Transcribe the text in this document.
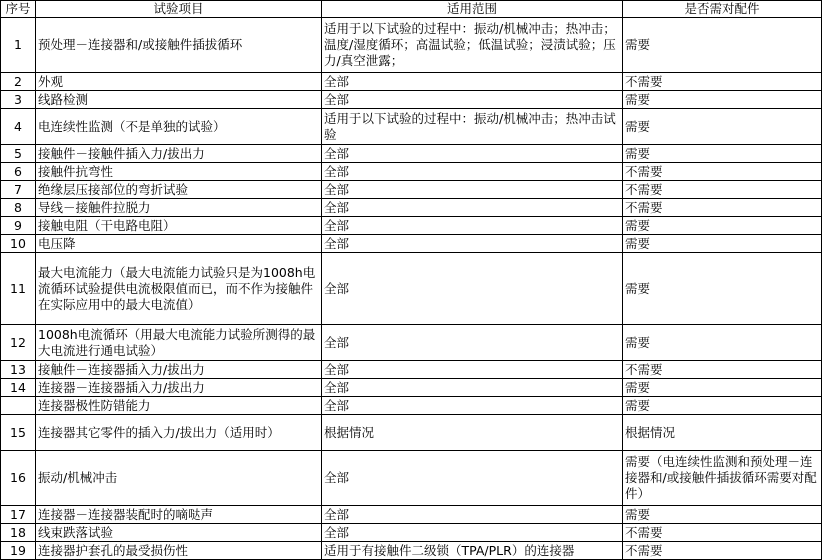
序号	试验项目	适用范围	是否需对配件
1	预处理－连接器和/或接触件插拔循环	适用于以下试验的过程中：振动/机械冲击；热冲击；温度/湿度循环；高温试验；低温试验；浸渍试验；压力/真空泄露；	需要
2	外观	全部	不需要
3	线路检测	全部	需要
4	电连续性监测（不是单独的试验）	适用于以下试验的过程中：振动/机械冲击；热冲击试验	需要
5	接触件－接触件插入力/拔出力	全部	需要
6	接触件抗弯性	全部	不需要
7	绝缘层压接部位的弯折试验	全部	不需要
8	导线－接触件拉脱力	全部	不需要
9	接触电阻（干电路电阻）	全部	需要
10	电压降	全部	需要
11	最大电流能力（最大电流能力试验只是为1008h电流循环试验提供电流极限值而已，而不作为接触件在实际应用中的最大电流值）	全部	需要
12	1008h电流循环（用最大电流能力试验所测得的最大电流进行通电试验）	全部	需要
13	接触件－连接器插入力/拔出力	全部	不需要
14	连接器－连接器插入力/拔出力	全部	需要
	连接器极性防错能力	全部	需要
15	连接器其它零件的插入力/拔出力（适用时）	根据情况	根据情况
16	振动/机械冲击	全部	需要（电连续性监测和预处理－连接器和/或接触件插拔循环需要对配件）
17	连接器－连接器装配时的嘀哒声	全部	需要
18	线束跌落试验	全部	不需要
19	连接器护套孔的最受损伤性	适用于有接触件二级锁（TPA/PLR）的连接器	不需要
